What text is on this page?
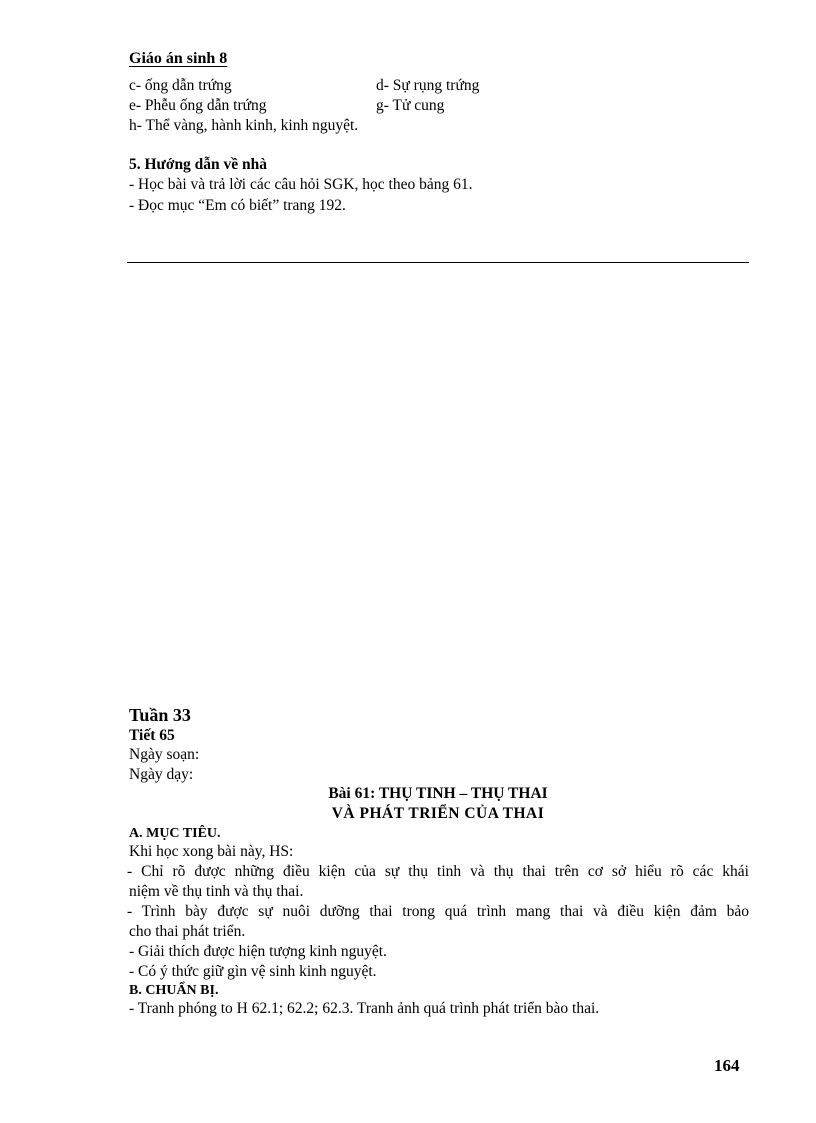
Giáo án sinh 8
c- ống dẫn trứng	d- Sự rụng trứng
e- Phễu ống dẫn trứng	g- Tử cung
h- Thể vàng, hành kinh, kinh nguyệt.
5. Hướng dẫn về nhà
- Học bài và trả lời các câu hỏi SGK, học theo bảng 61.
- Đọc mục “Em có biết” trang 192.
Tuần 33
Tiết 65
Ngày soạn:
Ngày dạy:
Bài 61: THỤ TINH – THỤ THAI
VÀ PHÁT TRIỂN CỦA THAI
A. MỤC TIÊU.
Khi học xong bài này, HS:
- Chỉ rõ được những điều kiện của sự thụ tinh và thụ thai trên cơ sở hiểu rõ các khái
niệm về thụ tinh và thụ thai.
- Trình bày được sự nuôi dưỡng thai trong quá trình mang thai và điều kiện đảm bảo
cho thai phát triển.
- Giải thích được hiện tượng kinh nguyệt.
- Có ý thức giữ gìn vệ sinh kinh nguyệt.
B. CHUẨN BỊ.
- Tranh phóng to H 62.1; 62.2; 62.3. Tranh ảnh quá trình phát triển bào thai.
164
